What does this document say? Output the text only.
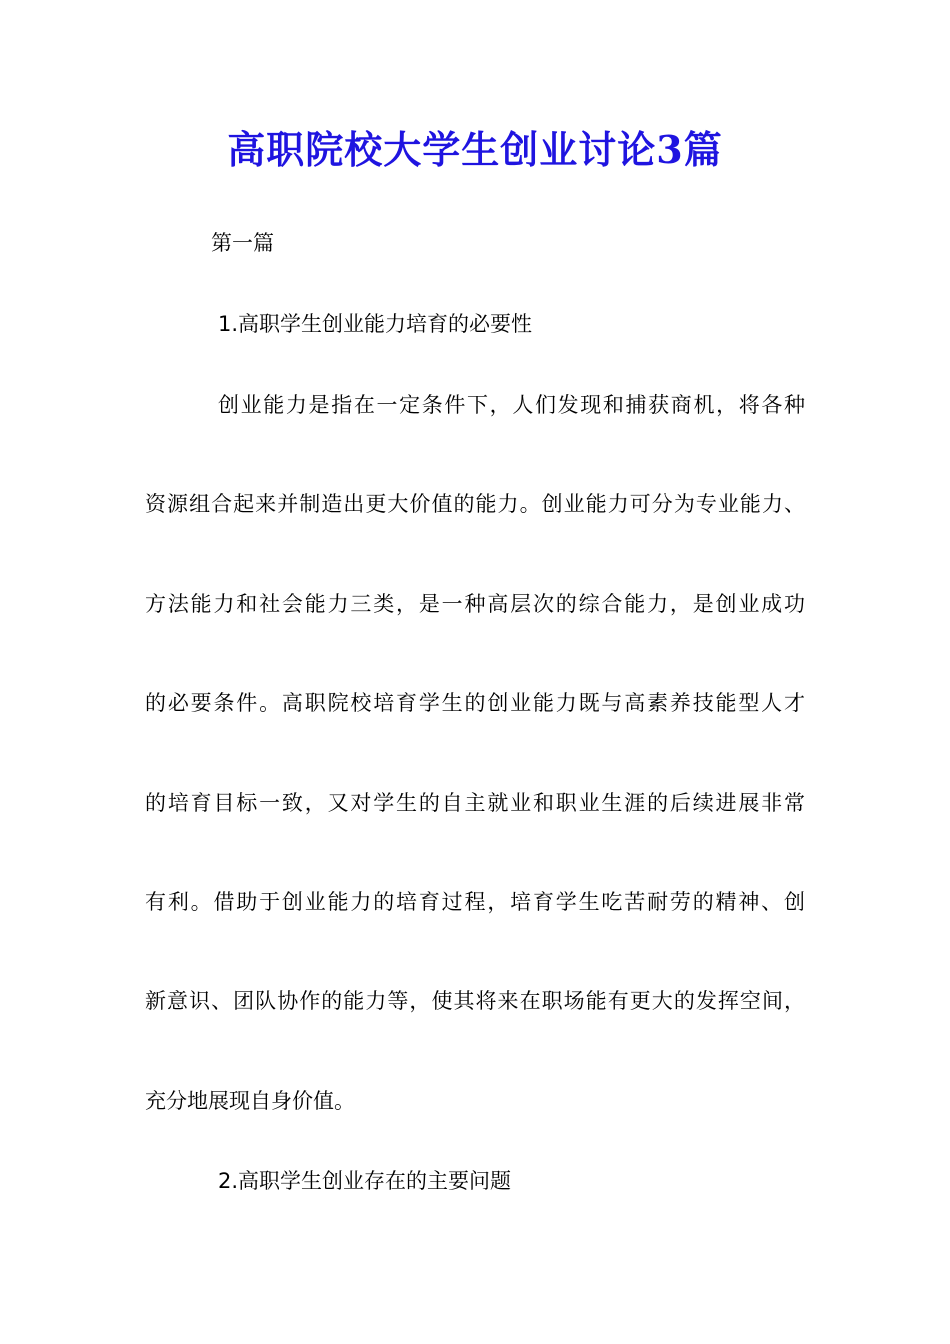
高职院校大学生创业讨论3篇

第一篇

1.高职学生创业能力培育的必要性

创业能力是指在一定条件下，人们发现和捕获商机，将各种

资源组合起来并制造出更大价值的能力。创业能力可分为专业能力、

方法能力和社会能力三类，是一种高层次的综合能力，是创业成功

的必要条件。高职院校培育学生的创业能力既与高素养技能型人才

的培育目标一致，又对学生的自主就业和职业生涯的后续进展非常

有利。借助于创业能力的培育过程，培育学生吃苦耐劳的精神、创

新意识、团队协作的能力等，使其将来在职场能有更大的发挥空间，

充分地展现自身价值。

2.高职学生创业存在的主要问题
